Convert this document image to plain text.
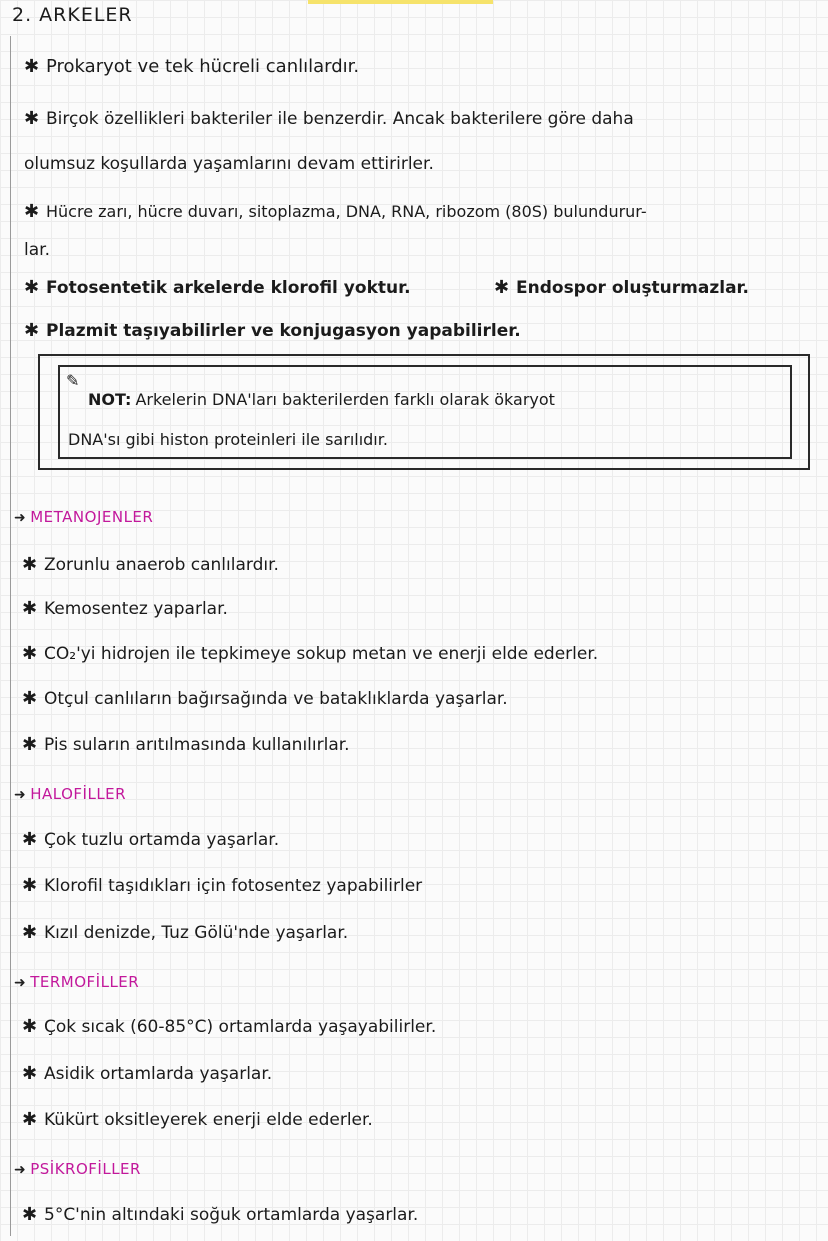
2. ARKELER
✱ Prokaryot ve tek hücreli canlılardır.
✱ Birçok özellikleri bakteriler ile benzerdir. Ancak bakterilere göre daha
olumsuz koşullarda yaşamlarını devam ettirirler.
✱ Hücre zarı, hücre duvarı, sitoplazma, DNA, RNA, ribozom (80S) bulundurur-
lar.
✱ Fotosentetik arkelerde klorofil yoktur.	✱ Endospor oluşturmazlar.
✱ Plazmit taşıyabilirler ve konjugasyon yapabilirler.
✎
NOT: Arkelerin DNA'ları bakterilerden farklı olarak ökaryot
DNA'sı gibi histon proteinleri ile sarılıdır.
➜ METANOJENLER
✱ Zorunlu anaerob canlılardır.
✱ Kemosentez yaparlar.
✱ CO₂'yi hidrojen ile tepkimeye sokup metan ve enerji elde ederler.
✱ Otçul canlıların bağırsağında ve bataklıklarda yaşarlar.
✱ Pis suların arıtılmasında kullanılırlar.
➜ HALOFİLLER
✱ Çok tuzlu ortamda yaşarlar.
✱ Klorofil taşıdıkları için fotosentez yapabilirler
✱ Kızıl denizde, Tuz Gölü'nde yaşarlar.
➜ TERMOFİLLER
✱ Çok sıcak (60-85°C) ortamlarda yaşayabilirler.
✱ Asidik ortamlarda yaşarlar.
✱ Kükürt oksitleyerek enerji elde ederler.
➜ PSİKROFİLLER
✱ 5°C'nin altındaki soğuk ortamlarda yaşarlar.
